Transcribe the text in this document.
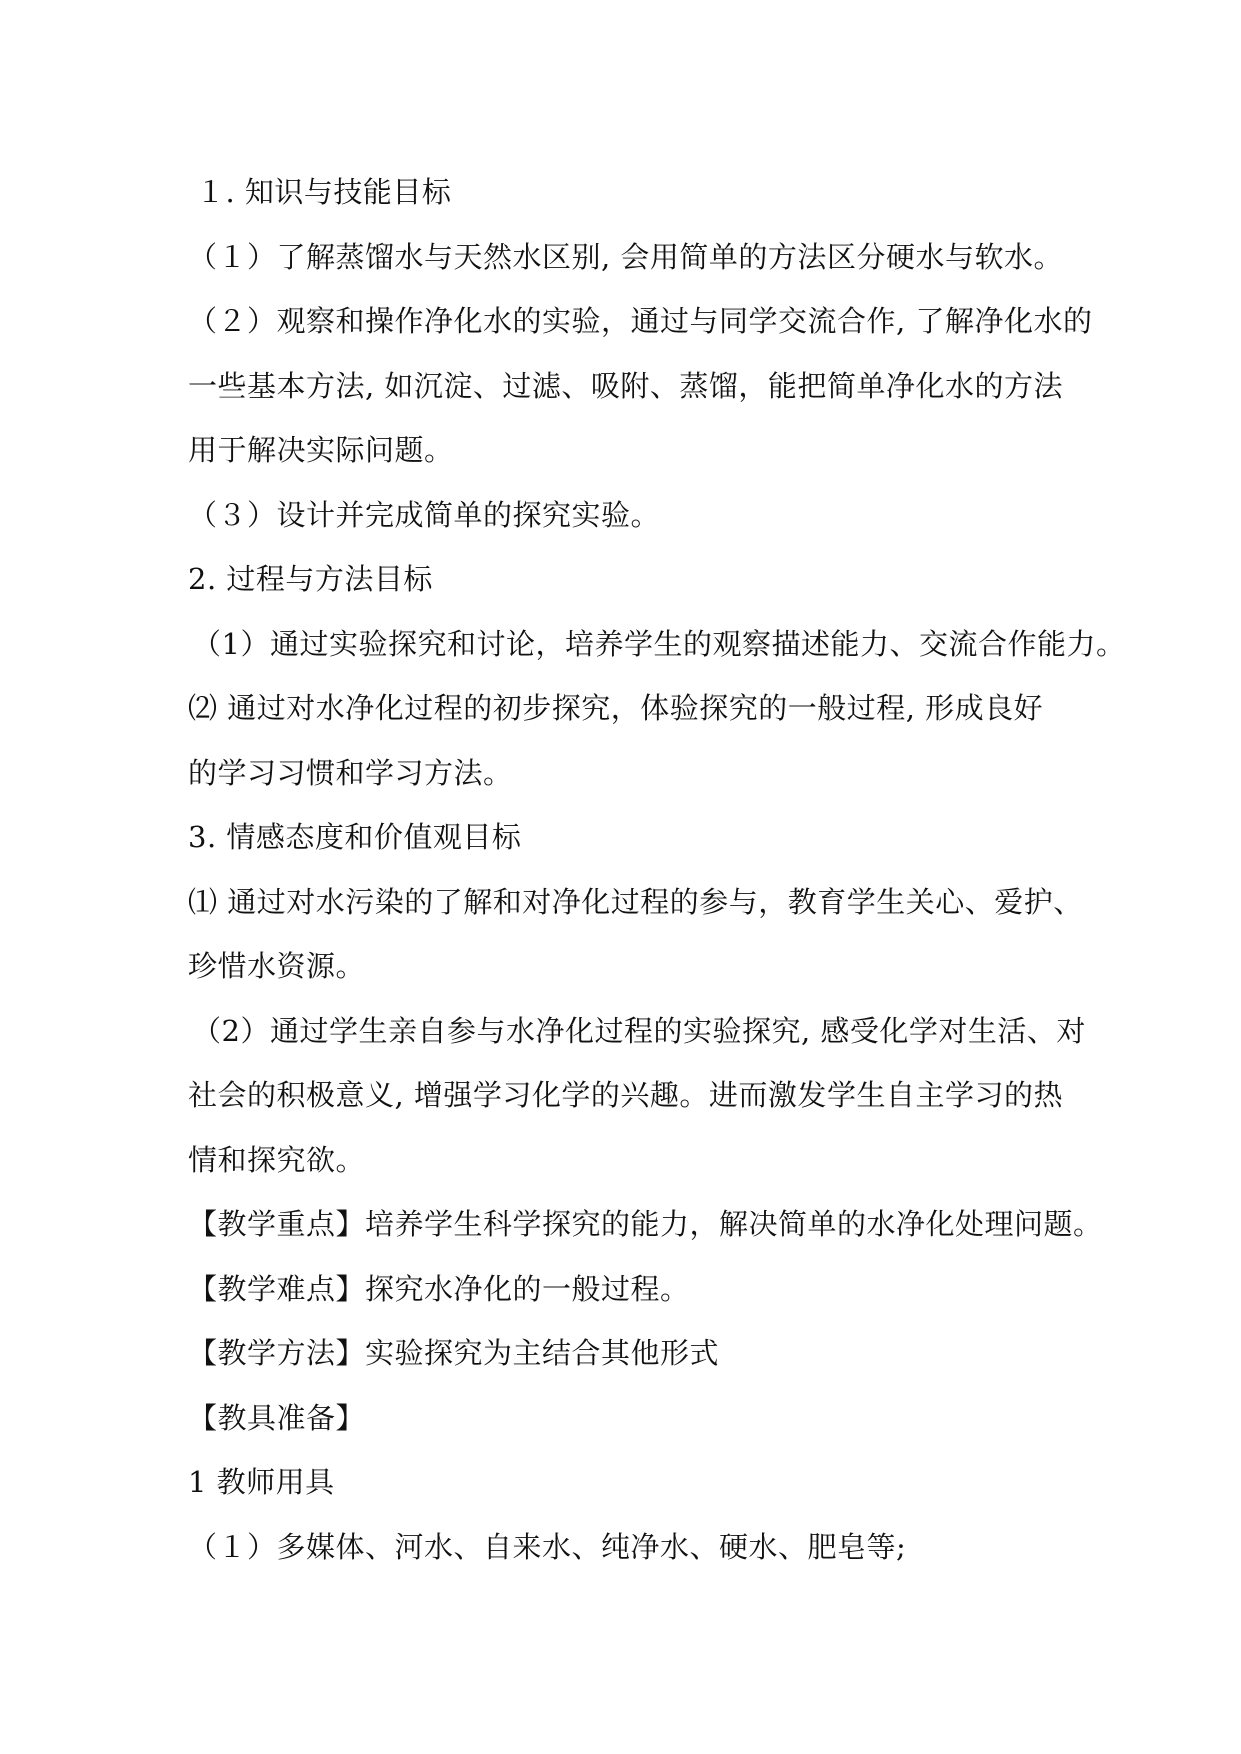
１. 知识与技能目标
（１）了解蒸馏水与天然水区别, 会用简单的方法区分硬水与软水。
（２）观察和操作净化水的实验，通过与同学交流合作, 了解净化水的
一些基本方法, 如沉淀、过滤、吸附、蒸馏，能把简单净化水的方法
用于解决实际问题。
（３）设计并完成简单的探究实验。
2. 过程与方法目标
（1）通过实验探究和讨论，培养学生的观察描述能力、交流合作能力。
⑵ 通过对水净化过程的初步探究，体验探究的一般过程, 形成良好
的学习习惯和学习方法。
3. 情感态度和价值观目标
⑴ 通过对水污染的了解和对净化过程的参与，教育学生关心、爱护、
珍惜水资源。
（2）通过学生亲自参与水净化过程的实验探究, 感受化学对生活、对
社会的积极意义, 增强学习化学的兴趣。进而激发学生自主学习的热
情和探究欲。
【教学重点】培养学生科学探究的能力，解决简单的水净化处理问题。
【教学难点】探究水净化的一般过程。
【教学方法】实验探究为主结合其他形式
【教具准备】
1 教师用具
（１）多媒体、河水、自来水、纯净水、硬水、肥皂等;
